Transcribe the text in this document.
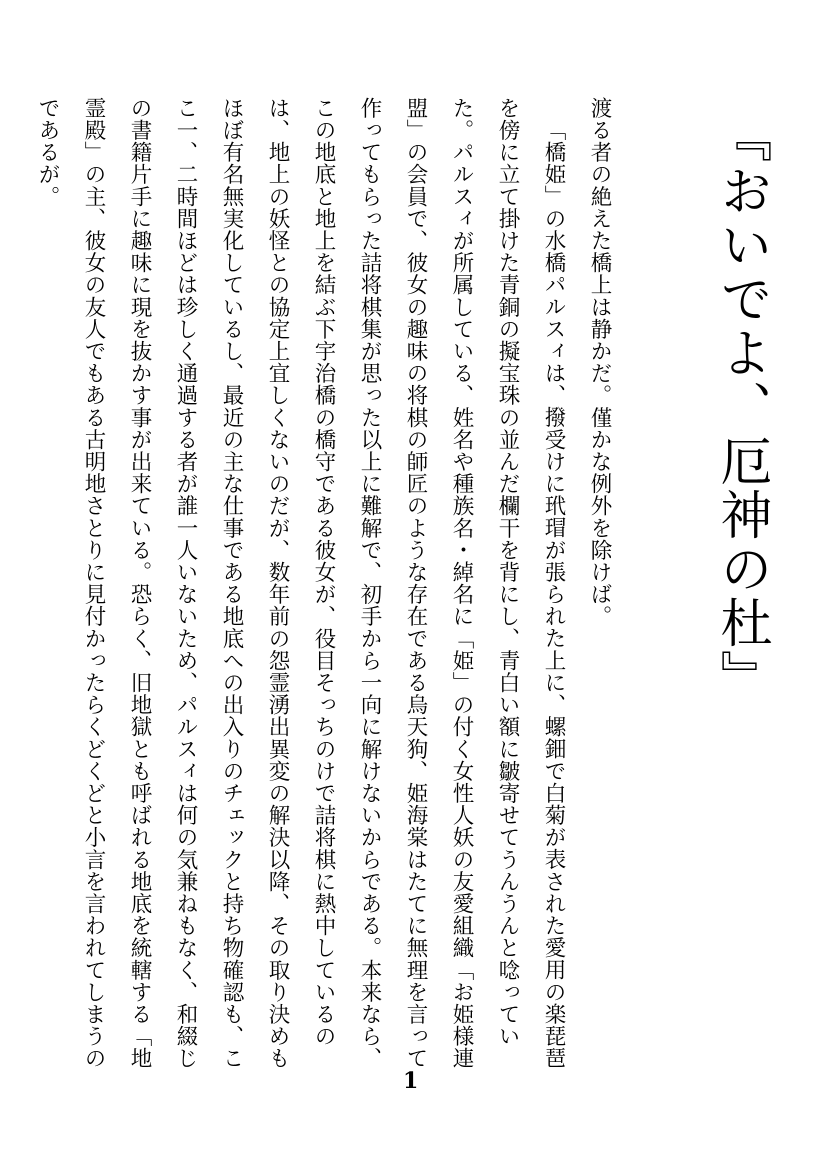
『おいでよ、厄神の杜』

渡る者の絶えた橋上は静かだ。僅かな例外を除けば。

「橋姫」の水橋パルスィは、撥受けに玳瑁が張られた上に、螺鈿で白菊が表された愛用の楽琵琶を傍に立て掛けた青銅の擬宝珠の並んだ欄干を背にし、青白い額に皺寄せてうんうんと唸っていた。パルスィが所属している、姓名や種族名・綽名に「姫」の付く女性人妖の友愛組織「お姫様連盟」の会員で、彼女の趣味の将棋の師匠のような存在である烏天狗、姫海棠はたてに無理を言って作ってもらった詰将棋集が思った以上に難解で、初手から一向に解けないからである。本来なら、この地底と地上を結ぶ下宇治橋の橋守である彼女が、役目そっちのけで詰将棋に熱中しているのは、地上の妖怪との協定上宜しくないのだが、数年前の怨霊湧出異変の解決以降、その取り決めもほぼ有名無実化しているし、最近の主な仕事である地底への出入りのチェックと持ち物確認も、ここ一、二時間ほどは珍しく通過する者が誰一人いないため、パルスィは何の気兼ねもなく、和綴じの書籍片手に趣味に現を抜かす事が出来ている。恐らく、旧地獄とも呼ばれる地底を統轄する「地霊殿」の主、彼女の友人でもある古明地さとりに見付かったらくどくどと小言を言われてしまうのであるが。

1
